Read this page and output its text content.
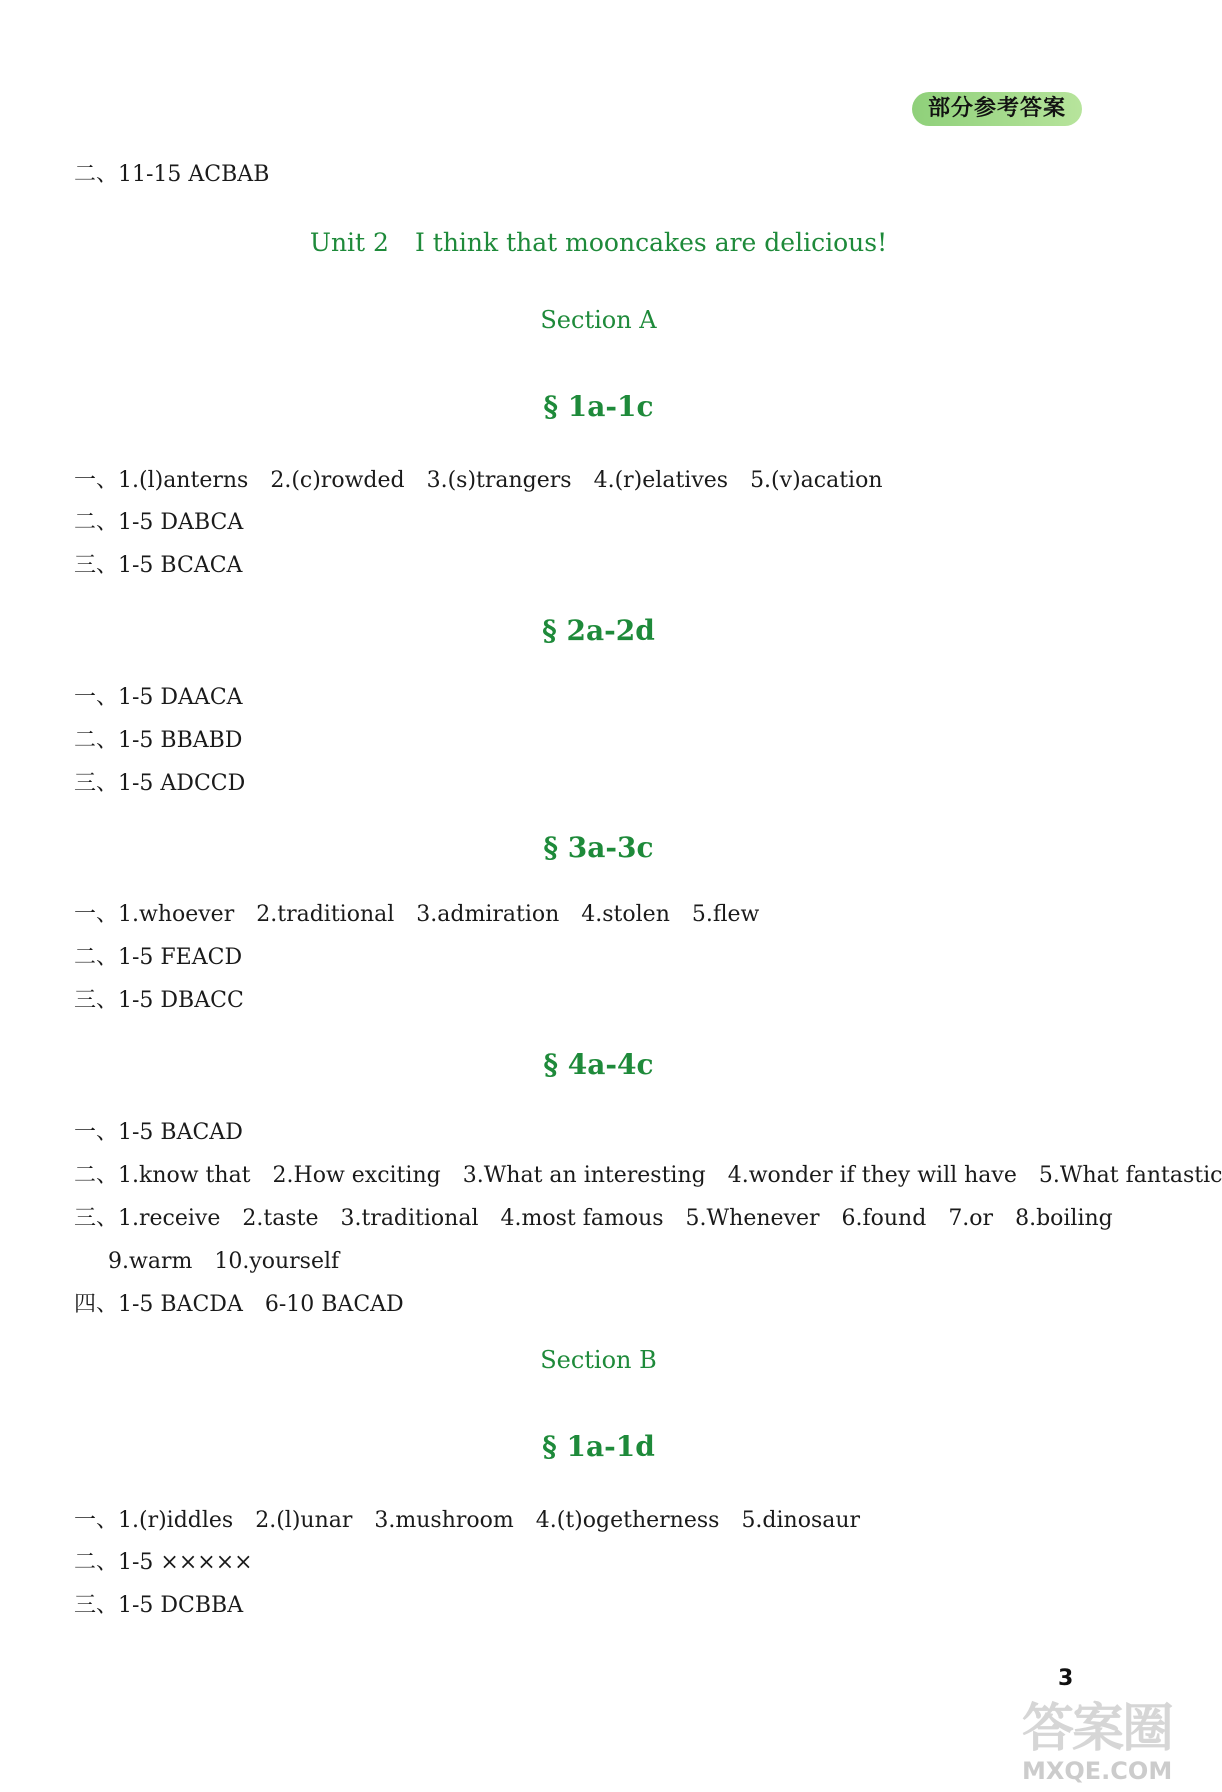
部分参考答案
二、11-15 ACBAB
Unit 2 I think that mooncakes are delicious!
Section A
§ 1a-1c
一、1.(l)anterns 2.(c)rowded 3.(s)trangers 4.(r)elatives 5.(v)acation
二、1-5 DABCA
三、1-5 BCACA
§ 2a-2d
一、1-5 DAACA
二、1-5 BBABD
三、1-5 ADCCD
§ 3a-3c
一、1.whoever 2.traditional 3.admiration 4.stolen 5.flew
二、1-5 FEACD
三、1-5 DBACC
§ 4a-4c
一、1-5 BACAD
二、1.know that 2.How exciting 3.What an interesting 4.wonder if they will have 5.What fantastic
三、1.receive 2.taste 3.traditional 4.most famous 5.Whenever 6.found 7.or 8.boiling
9.warm 10.yourself
四、1-5 BACDA 6-10 BACAD
Section B
§ 1a-1d
一、1.(r)iddles 2.(l)unar 3.mushroom 4.(t)ogetherness 5.dinosaur
二、1-5 ×××××
三、1-5 DCBBA
3
答案圈
MXQE.COM
